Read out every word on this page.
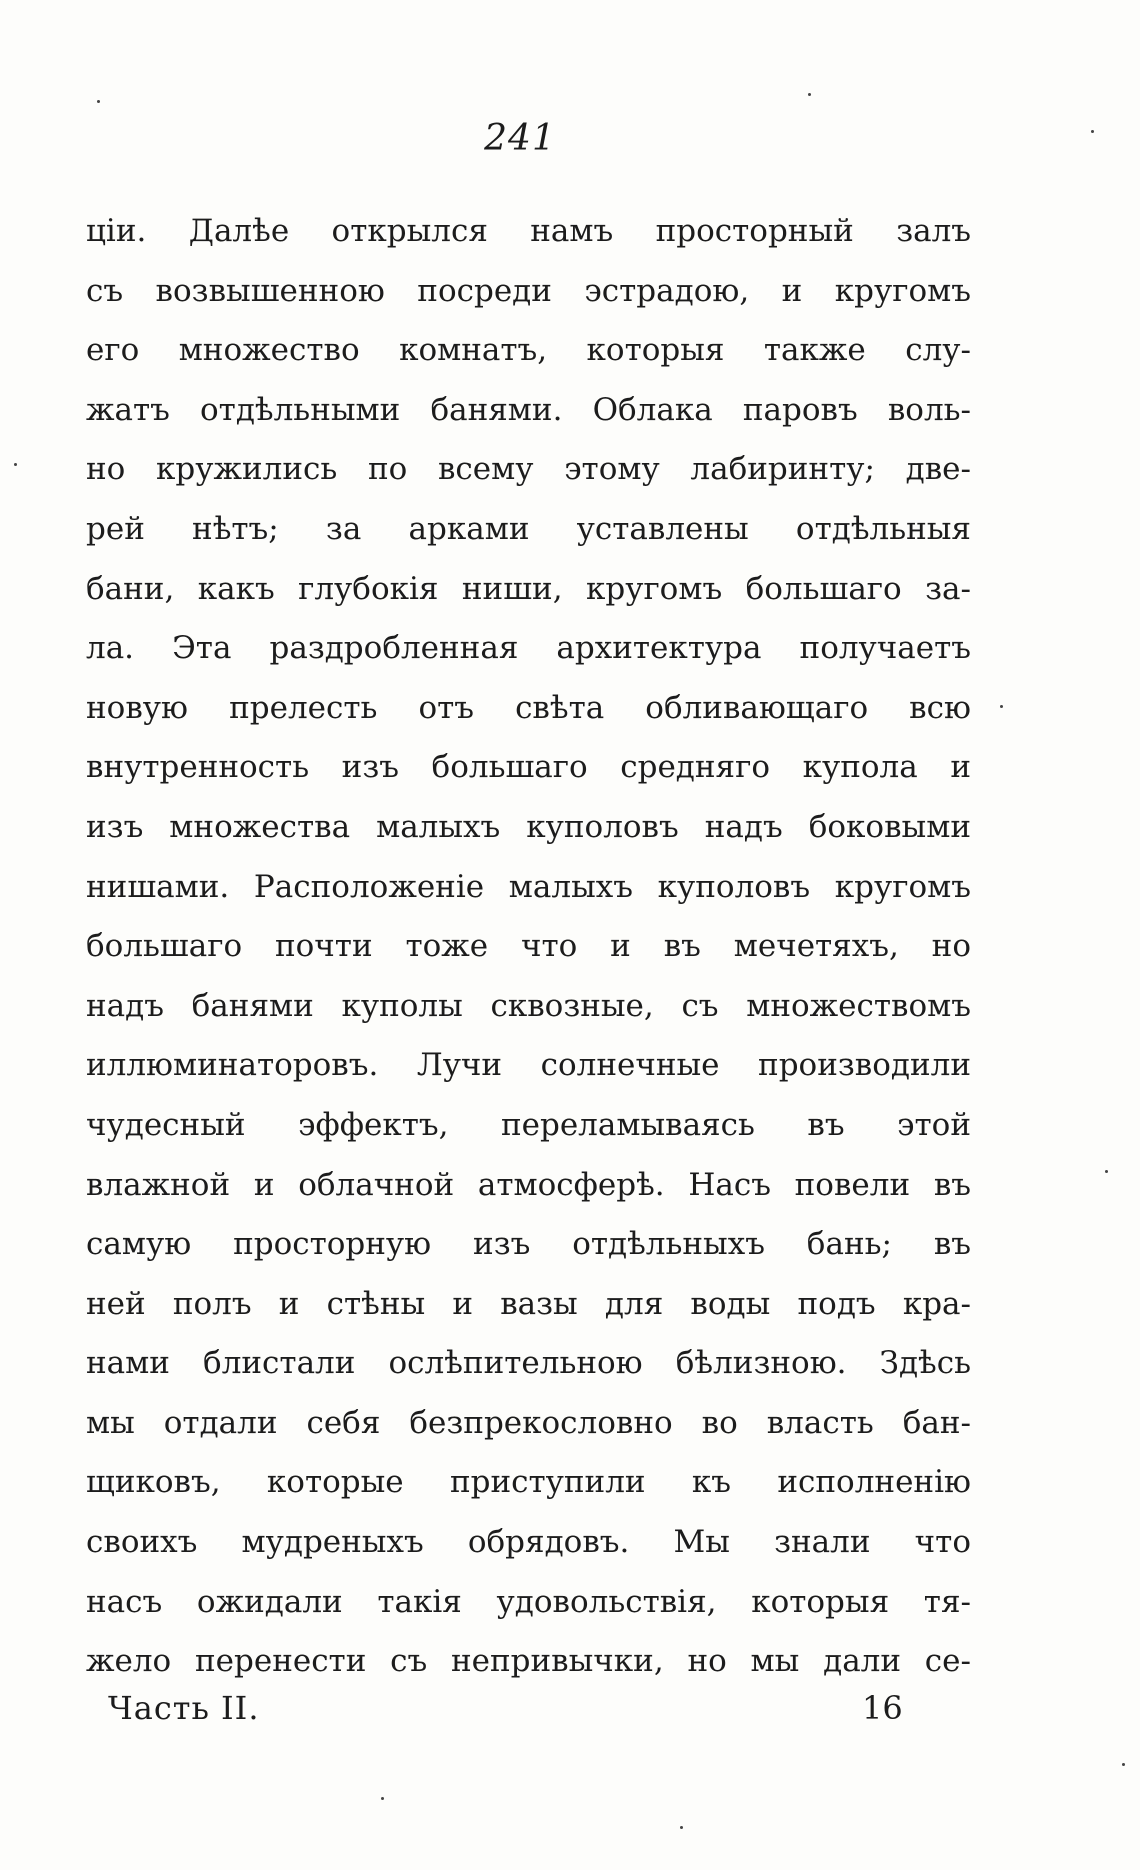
241
ціи. Далѣе открылся намъ просторный залъ
съ возвышенною посреди эстрадою, и кругомъ
его множество комнатъ, которыя также слу-
жатъ отдѣльными банями. Облака паровъ воль-
но кружились по всему этому лабиринту; две-
рей нѣтъ; за арками уставлены отдѣльныя
бани, какъ глубокія ниши, кругомъ большаго за-
ла. Эта раздробленная архитектура получаетъ
новую прелесть отъ свѣта обливающаго всю
внутренность изъ большаго средняго купола и
изъ множества малыхъ куполовъ надъ боковыми
нишами. Расположеніе малыхъ куполовъ кругомъ
большаго почти тоже что и въ мечетяхъ, но
надъ банями куполы сквозные, съ множествомъ
иллюминаторовъ. Лучи солнечные производили
чудесный эффектъ, переламываясь въ этой
влажной и облачной атмосферѣ. Насъ повели въ
самую просторную изъ отдѣльныхъ бань; въ
ней полъ и стѣны и вазы для воды подъ кра-
нами блистали ослѣпительною бѣлизною. Здѣсь
мы отдали себя безпрекословно во власть бан-
щиковъ, которые приступили къ исполненію
своихъ мудреныхъ обрядовъ. Мы знали что
насъ ожидали такія удовольствія, которыя тя-
жело перенести съ непривычки, но мы дали се-
Часть II.	16
